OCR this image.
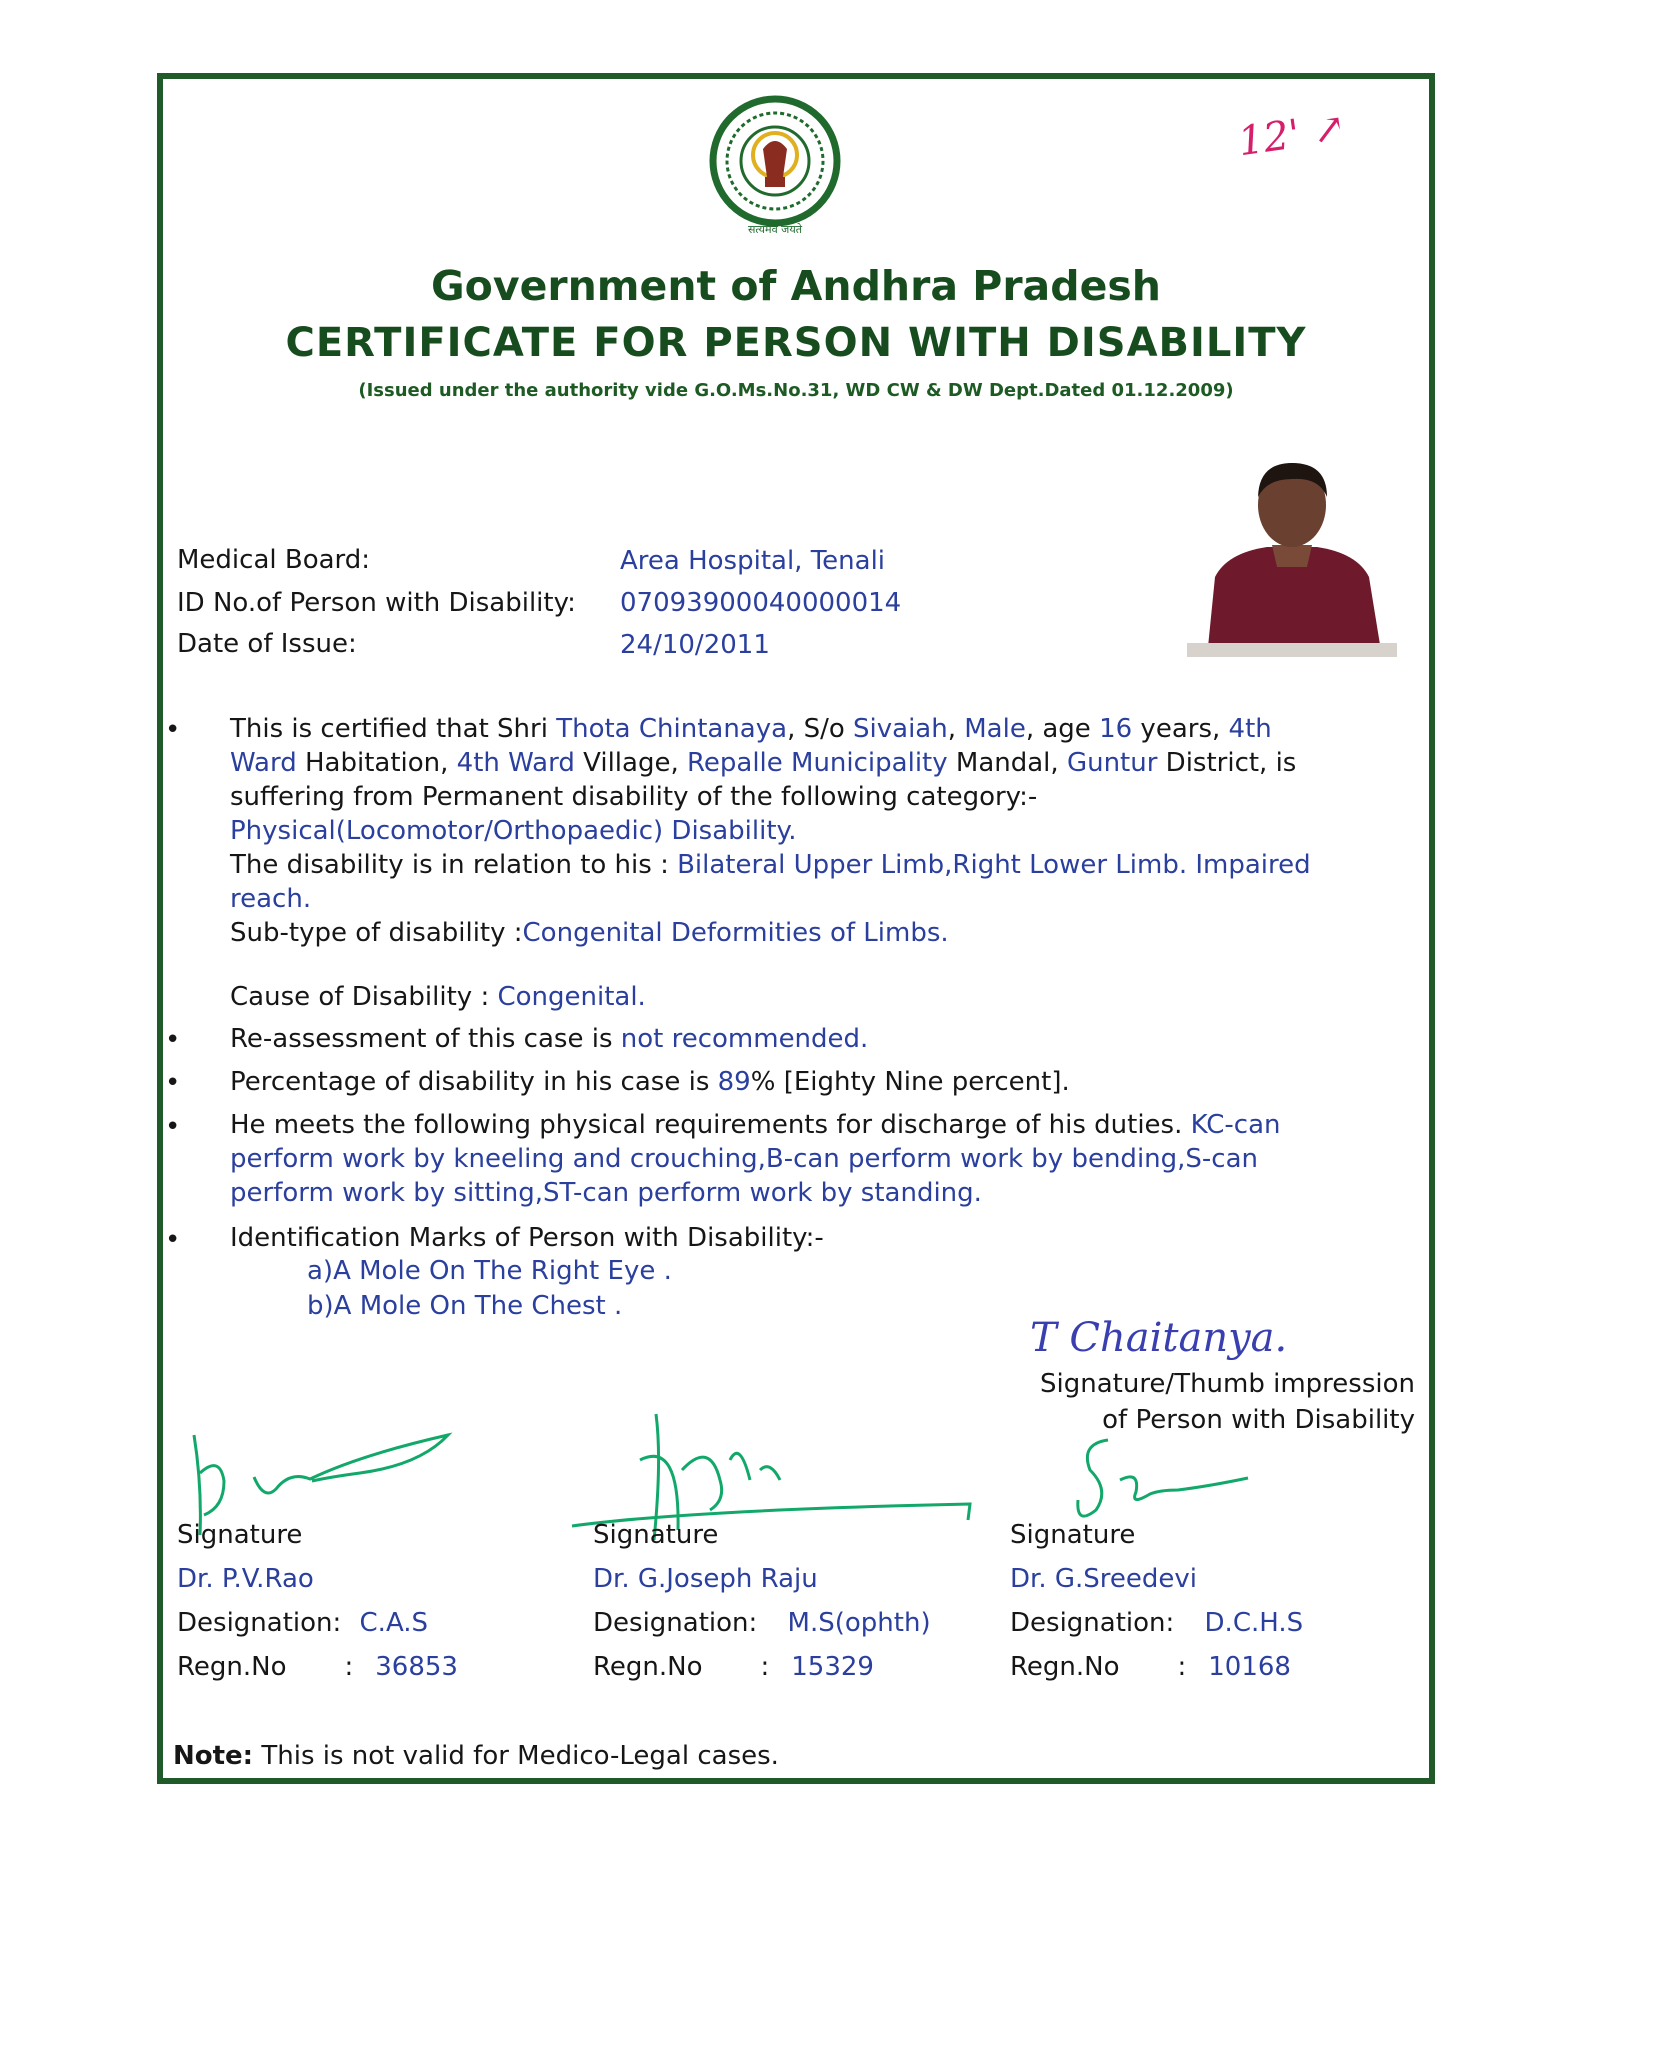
12' ↗
सत्यमेव जयते
Government of Andhra Pradesh
CERTIFICATE FOR PERSON WITH DISABILITY
(Issued under the authority vide G.O.Ms.No.31, WD CW & DW Dept.Dated 01.12.2009)
Medical Board:	Area Hospital, Tenali
ID No.of Person with Disability: 07093900040000014
Date of Issue:	24/10/2011
• This is certified that Shri Thota Chintanaya, S/o Sivaiah, Male, age 16 years, 4th
Ward Habitation, 4th Ward Village, Repalle Municipality Mandal, Guntur District, is
suffering from Permanent disability of the following category:-
Physical(Locomotor/Orthopaedic) Disability.
The disability is in relation to his : Bilateral Upper Limb,Right Lower Limb. Impaired
reach.
Sub-type of disability :Congenital Deformities of Limbs.
Cause of Disability : Congenital.
• Re-assessment of this case is not recommended.
• Percentage of disability in his case is 89% [Eighty Nine percent].
• He meets the following physical requirements for discharge of his duties. KC-can
perform work by kneeling and crouching,B-can perform work by bending,S-can
perform work by sitting,ST-can perform work by standing.
• Identification Marks of Person with Disability:-
a)A Mole On The Right Eye .
b)A Mole On The Chest .
T Chaitanya.
Signature/Thumb impression
of Person with Disability
Signature
Dr. P.V.Rao
Designation: C.A.S
Regn.No : 36853
Signature
Dr. G.Joseph Raju
Designation: M.S(ophth)
Regn.No : 15329
Signature
Dr. G.Sreedevi
Designation: D.C.H.S
Regn.No : 10168
Note: This is not valid for Medico-Legal cases.
